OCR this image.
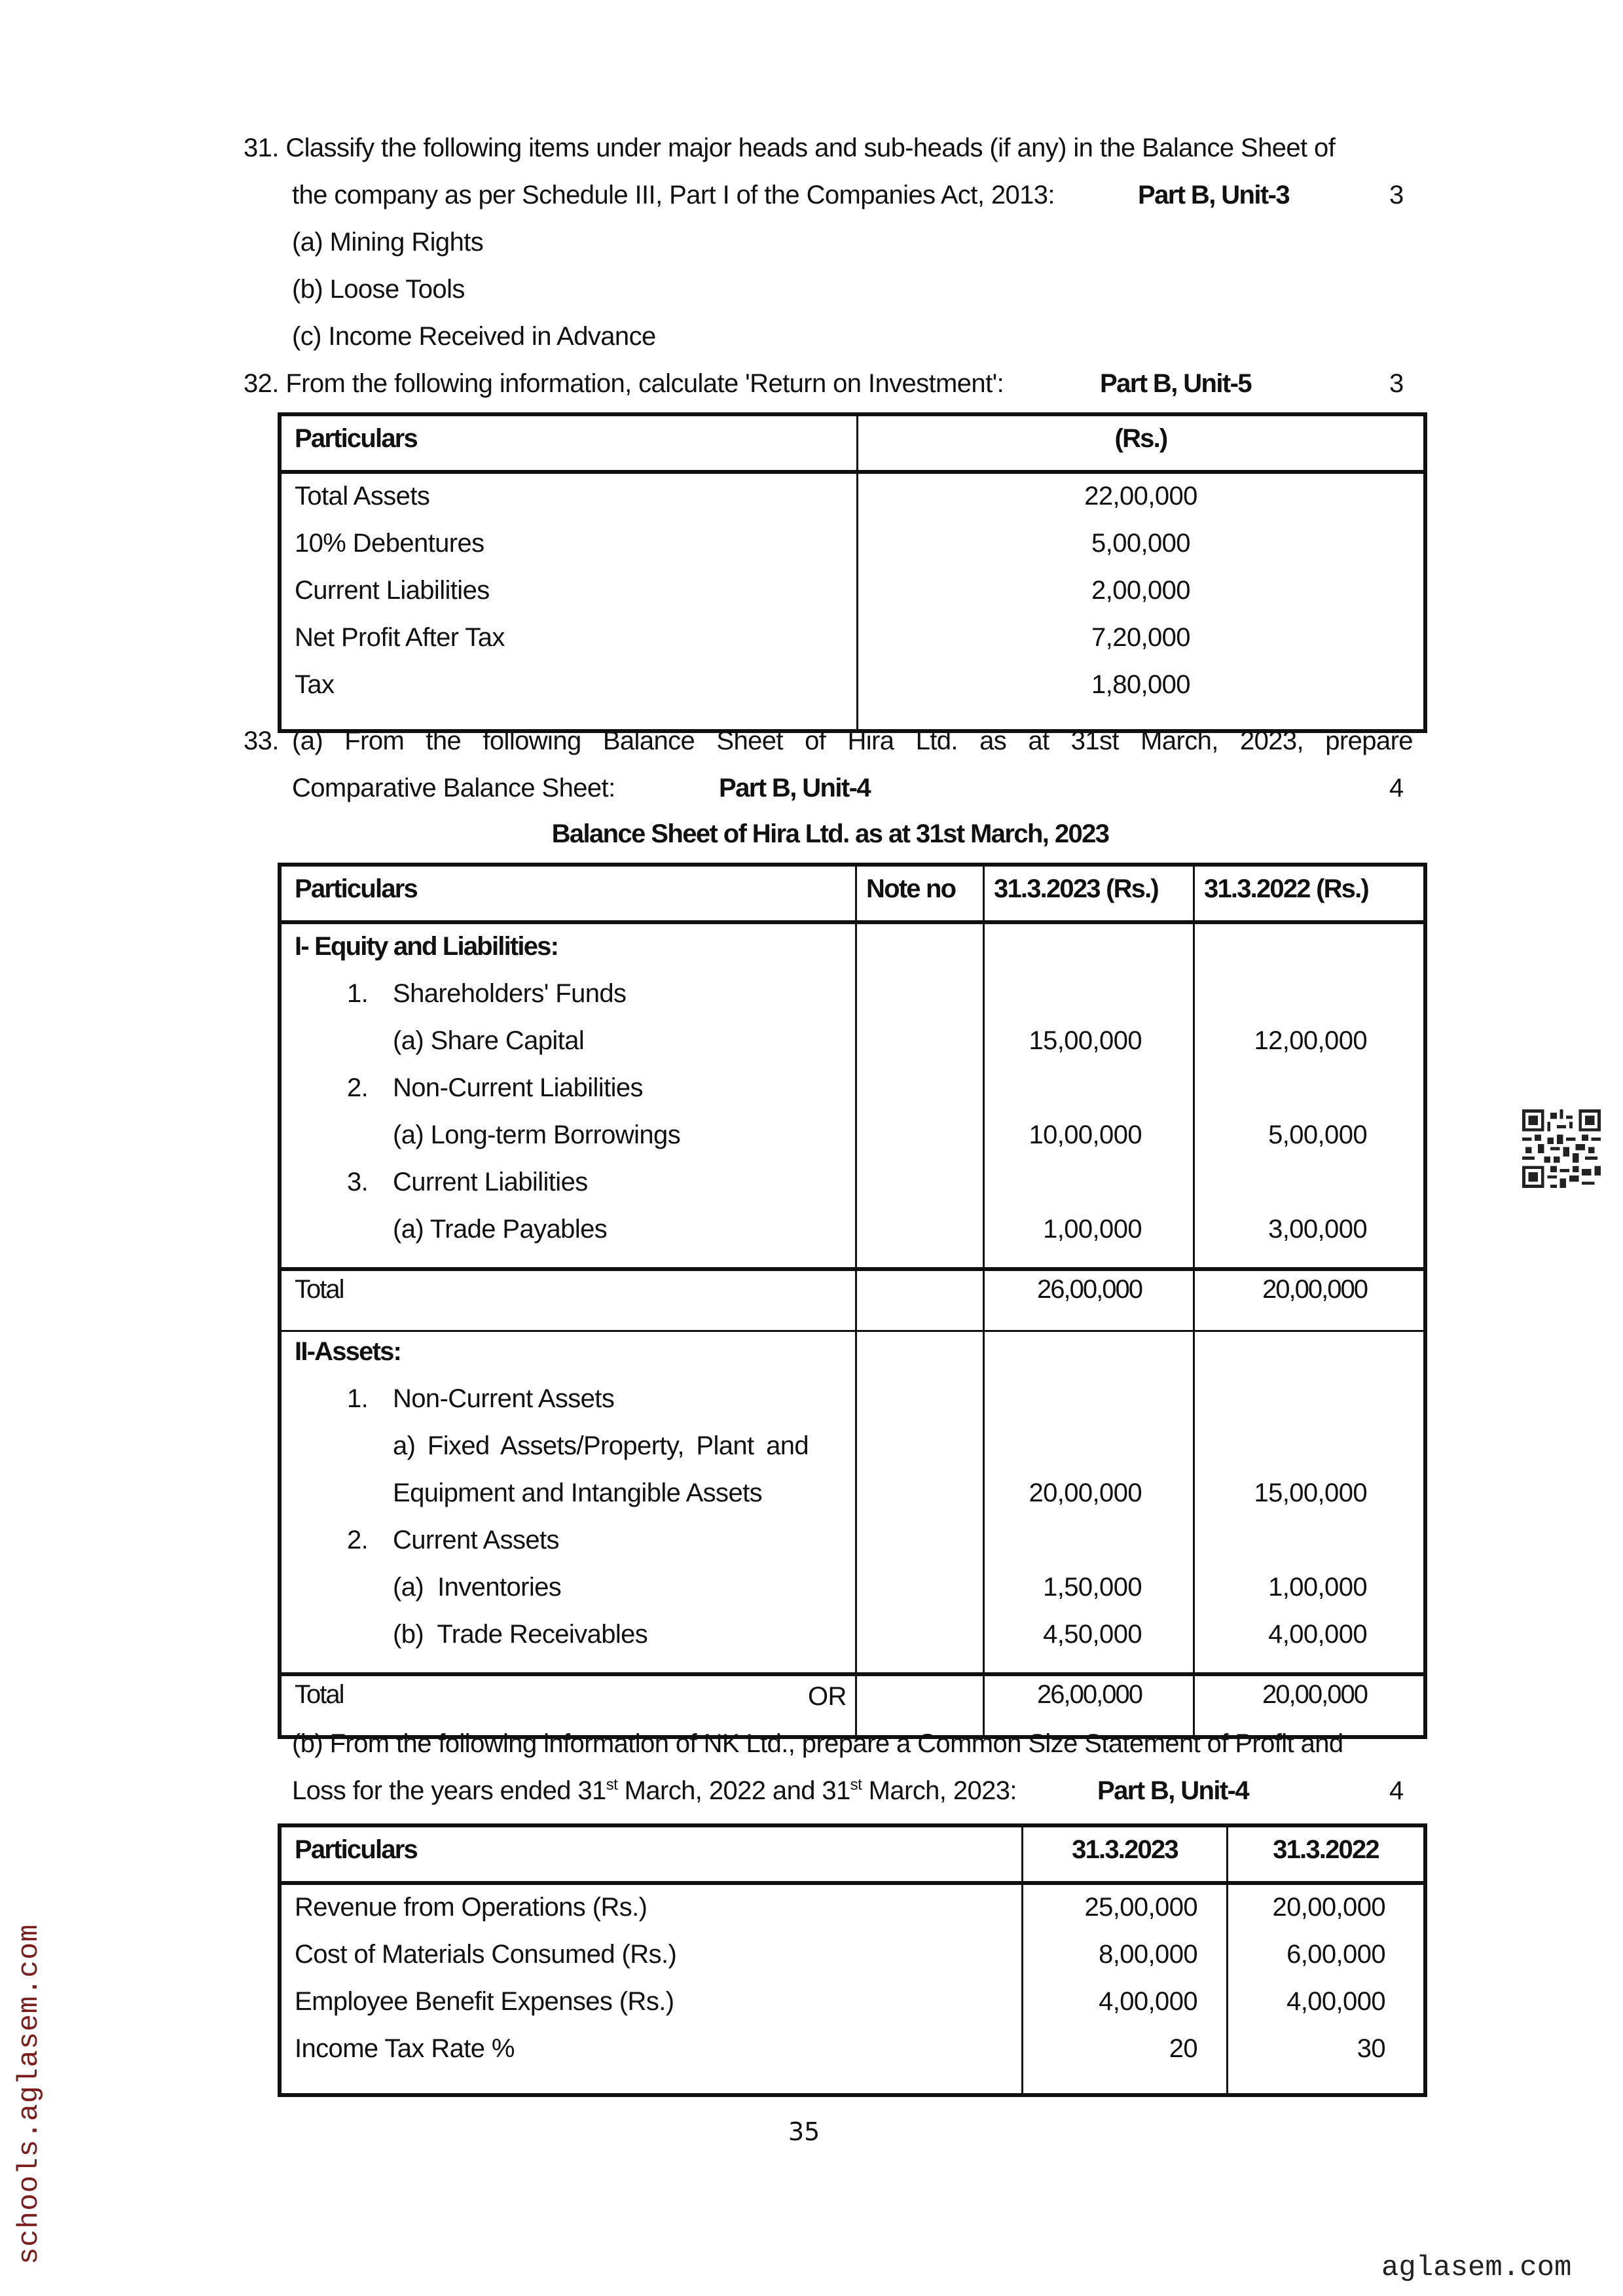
31. Classify the following items under major heads and sub-heads (if any) in the Balance Sheet of
the company as per Schedule III, Part I of the Companies Act, 2013:	Part B, Unit-3	3
(a) Mining Rights
(b) Loose Tools
(c) Income Received in Advance
32. From the following information, calculate 'Return on Investment':	Part B, Unit-5	3
Particulars	(Rs.)
Total Assets	22,00,000
10% Debentures	5,00,000
Current Liabilities	2,00,000
Net Profit After Tax	7,20,000
Tax	1,80,000
33. (a) From the following Balance Sheet of Hira Ltd. as at 31st March, 2023, prepare
Comparative Balance Sheet:	Part B, Unit-4	4
Balance Sheet of Hira Ltd. as at 31st March, 2023
Particulars	Note no	31.3.2023 (Rs.)	31.3.2022 (Rs.)
I- Equity and Liabilities:			
1. Shareholders' Funds			
(a) Share Capital		15,00,000	12,00,000
2. Non-Current Liabilities			
(a) Long-term Borrowings		10,00,000	5,00,000
3. Current Liabilities			
(a) Trade Payables		1,00,000	3,00,000
Total		26,00,000	20,00,000
II-Assets:			
1. Non-Current Assets			
a) Fixed Assets/Property, Plant and			
Equipment and Intangible Assets		20,00,000	15,00,000
2. Current Assets			
(a)  Inventories		1,50,000	1,00,000
(b)  Trade Receivables		4,50,000	4,00,000
Total		26,00,000	20,00,000
OR
(b) From the following information of NK Ltd., prepare a Common Size Statement of Profit and
Loss for the years ended 31st March, 2022 and 31st March, 2023:	Part B, Unit-4	4
Particulars	31.3.2023	31.3.2022
Revenue from Operations (Rs.)	25,00,000	20,00,000
Cost of Materials Consumed (Rs.)	8,00,000	6,00,000
Employee Benefit Expenses (Rs.)	4,00,000	4,00,000
Income Tax Rate %	20	30
35
schools.aglasem.com
aglasem.com
